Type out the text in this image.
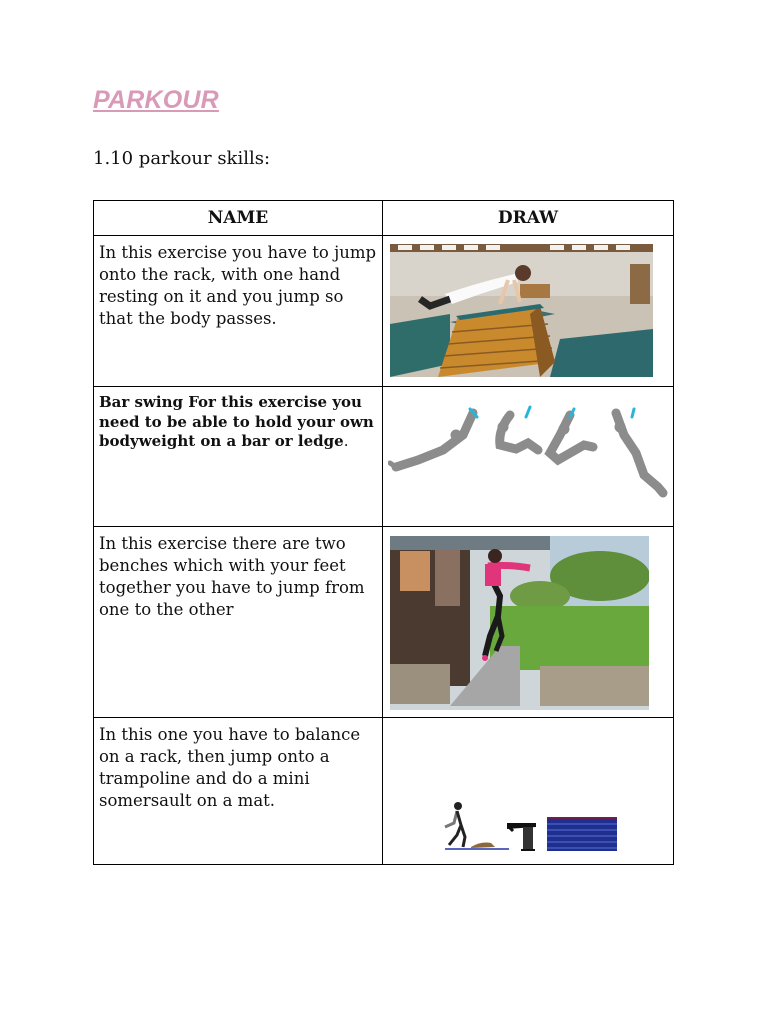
PARKOUR
1.10 parkour skills:
NAME	DRAW

In this exercise you have to jump onto the rack, with one hand resting on it and you jump so that the body passes.

Bar swing For this exercise you need to be able to hold your own bodyweight on a bar or ledge.

In this exercise there are two benches which with your feet together you have to jump from one to the other

In this one you have to balance on a rack, then jump onto a trampoline and do a mini somersault on a mat.
